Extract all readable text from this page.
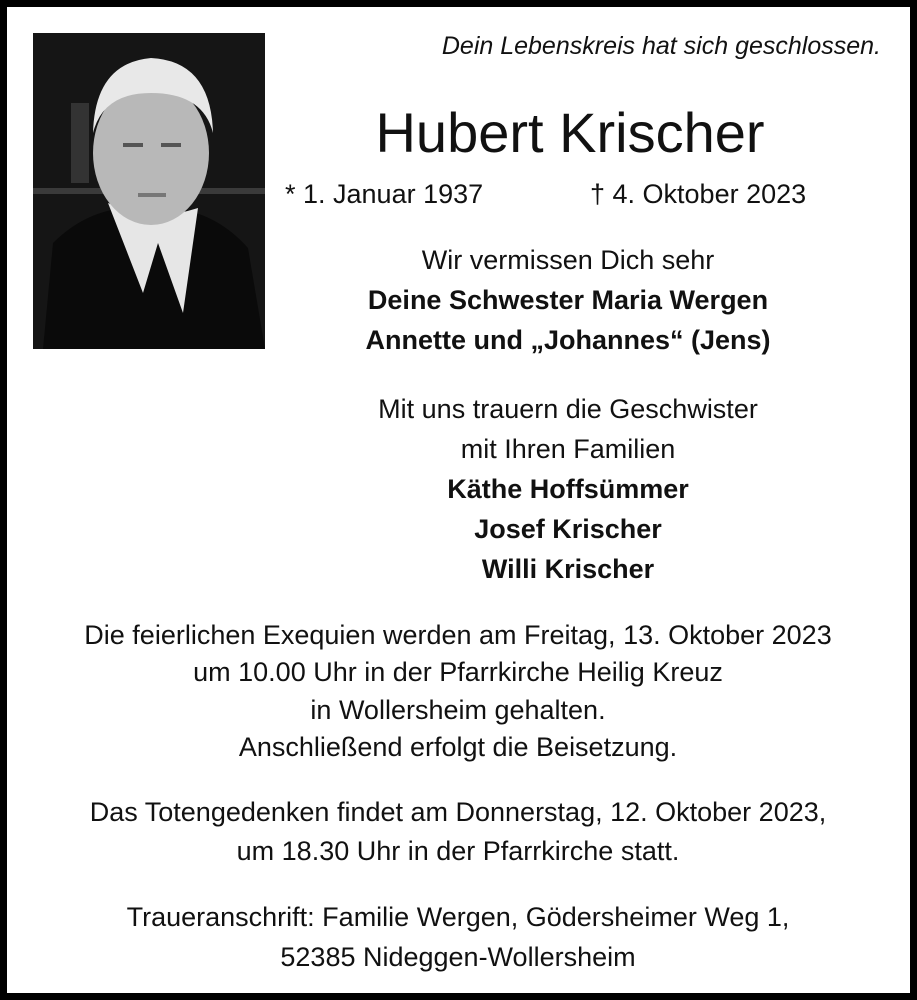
Dein Lebenskreis hat sich geschlossen.
Hubert Krischer
* 1. Januar 1937	† 4. Oktober 2023
Wir vermissen Dich sehr
Deine Schwester Maria Wergen
Annette und „Johannes“ (Jens)
Mit uns trauern die Geschwister
mit Ihren Familien
Käthe Hoffsümmer
Josef Krischer
Willi Krischer
Die feierlichen Exequien werden am Freitag, 13. Oktober 2023
um 10.00 Uhr in der Pfarrkirche Heilig Kreuz
in Wollersheim gehalten.
Anschließend erfolgt die Beisetzung.
Das Totengedenken findet am Donnerstag, 12. Oktober 2023,
um 18.30 Uhr in der Pfarrkirche statt.
Traueranschrift: Familie Wergen, Gödersheimer Weg 1,
52385 Nideggen-Wollersheim
